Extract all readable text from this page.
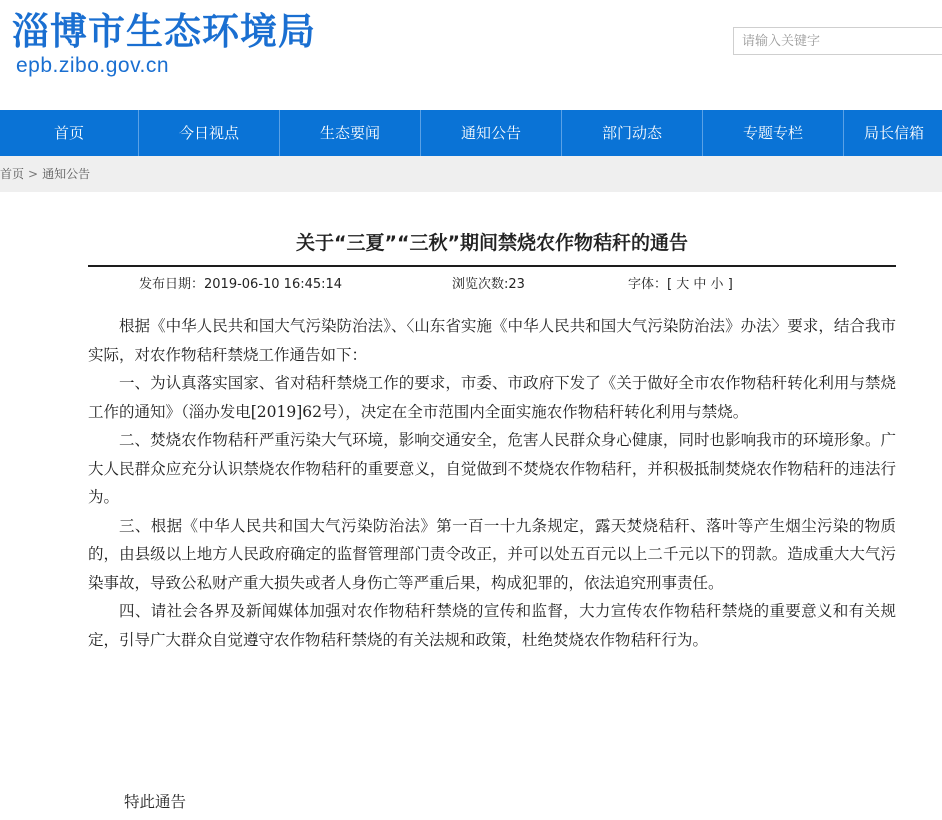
淄博市生态环境局
epb.zibo.gov.cn
请输入关键字
首页	今日视点	生态要闻	通知公告	部门动态	专题专栏	局长信箱
首页 > 通知公告
关于“三夏”“三秋”期间禁烧农作物秸秆的通告
发布日期：2019-06-10 16:45:14	浏览次数:23	字体：[ 大 中 小 ]

根据《中华人民共和国大气污染防治法》、〈山东省实施《中华人民共和国大气污染防治法》办法〉要求，结合我市实际，对农作物秸秆禁烧工作通告如下：

一、为认真落实国家、省对秸秆禁烧工作的要求，市委、市政府下发了《关于做好全市农作物秸秆转化利用与禁烧工作的通知》（淄办发电[2019]62号），决定在全市范围内全面实施农作物秸秆转化利用与禁烧。

二、焚烧农作物秸秆严重污染大气环境，影响交通安全，危害人民群众身心健康，同时也影响我市的环境形象。广大人民群众应充分认识禁烧农作物秸秆的重要意义，自觉做到不焚烧农作物秸秆，并积极抵制焚烧农作物秸秆的违法行为。

三、根据《中华人民共和国大气污染防治法》第一百一十九条规定，露天焚烧秸秆、落叶等产生烟尘污染的物质的，由县级以上地方人民政府确定的监督管理部门责令改正，并可以处五百元以上二千元以下的罚款。造成重大大气污染事故，导致公私财产重大损失或者人身伤亡等严重后果，构成犯罪的，依法追究刑事责任。

四、请社会各界及新闻媒体加强对农作物秸秆禁烧的宣传和监督，大力宣传农作物秸秆禁烧的重要意义和有关规定，引导广大群众自觉遵守农作物秸秆禁烧的有关法规和政策，杜绝焚烧农作物秸秆行为。

特此通告
